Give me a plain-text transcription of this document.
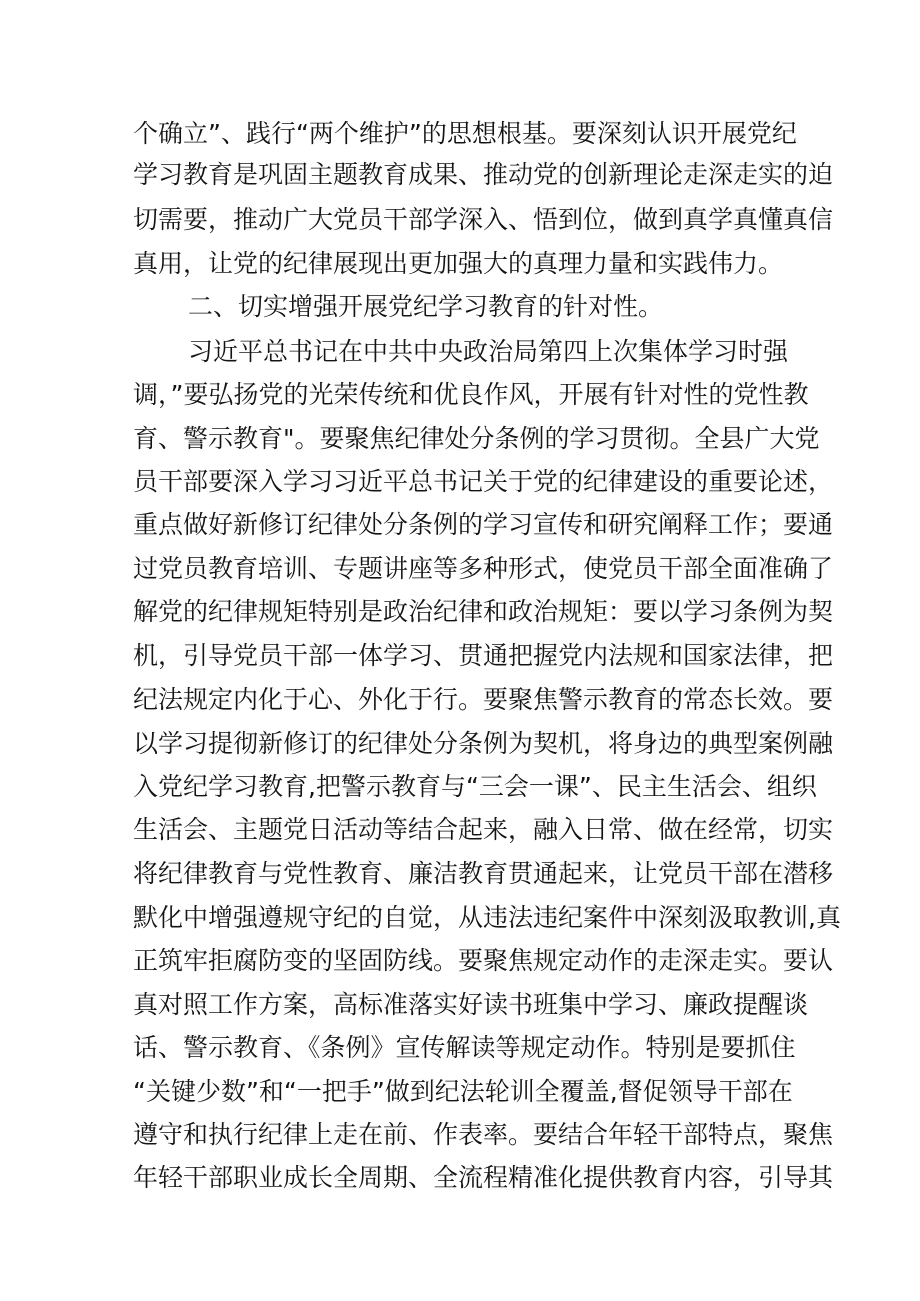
个确立”、践行“两个维护”的思想根基。要深刻认识开展党纪

学习教育是巩固主题教育成果、推动党的创新理论走深走实的迫

切需要，推动广大党员干部学深入、悟到位，做到真学真懂真信

真用，让党的纪律展现出更加强大的真理力量和实践伟力。

二、切实增强开展党纪学习教育的针对性。

习近平总书记在中共中央政治局第四上次集体学习时强

调，”要弘扬党的光荣传统和优良作风，开展有针对性的党性教

育、警示教育"。要聚焦纪律处分条例的学习贯彻。全县广大党

员干部要深入学习习近平总书记关于党的纪律建设的重要论述，

重点做好新修订纪律处分条例的学习宣传和研究阐释工作；要通

过党员教育培训、专题讲座等多种形式，使党员干部全面准确了

解党的纪律规矩特别是政治纪律和政治规矩：要以学习条例为契

机，引导党员干部一体学习、贯通把握党内法规和国家法律，把

纪法规定内化于心、外化于行。要聚焦警示教育的常态长效。要

以学习提彻新修订的纪律处分条例为契机，将身边的典型案例融

入党纪学习教育,把警示教育与“三会一课”、民主生活会、组织

生活会、主题党日活动等结合起来，融入日常、做在经常，切实

将纪律教育与党性教育、廉洁教育贯通起来，让党员干部在潜移

默化中增强遵规守纪的自觉，从违法违纪案件中深刻汲取教训,真

正筑牢拒腐防变的坚固防线。要聚焦规定动作的走深走实。要认

真对照工作方案，高标准落实好读书班集中学习、廉政提醒谈

话、警示教育、《条例》宣传解读等规定动作。特别是要抓住

“关键少数”和“一把手”做到纪法轮训全覆盖,督促领导干部在

遵守和执行纪律上走在前、作表率。要结合年轻干部特点，聚焦

年轻干部职业成长全周期、全流程精准化提供教育内容，引导其
